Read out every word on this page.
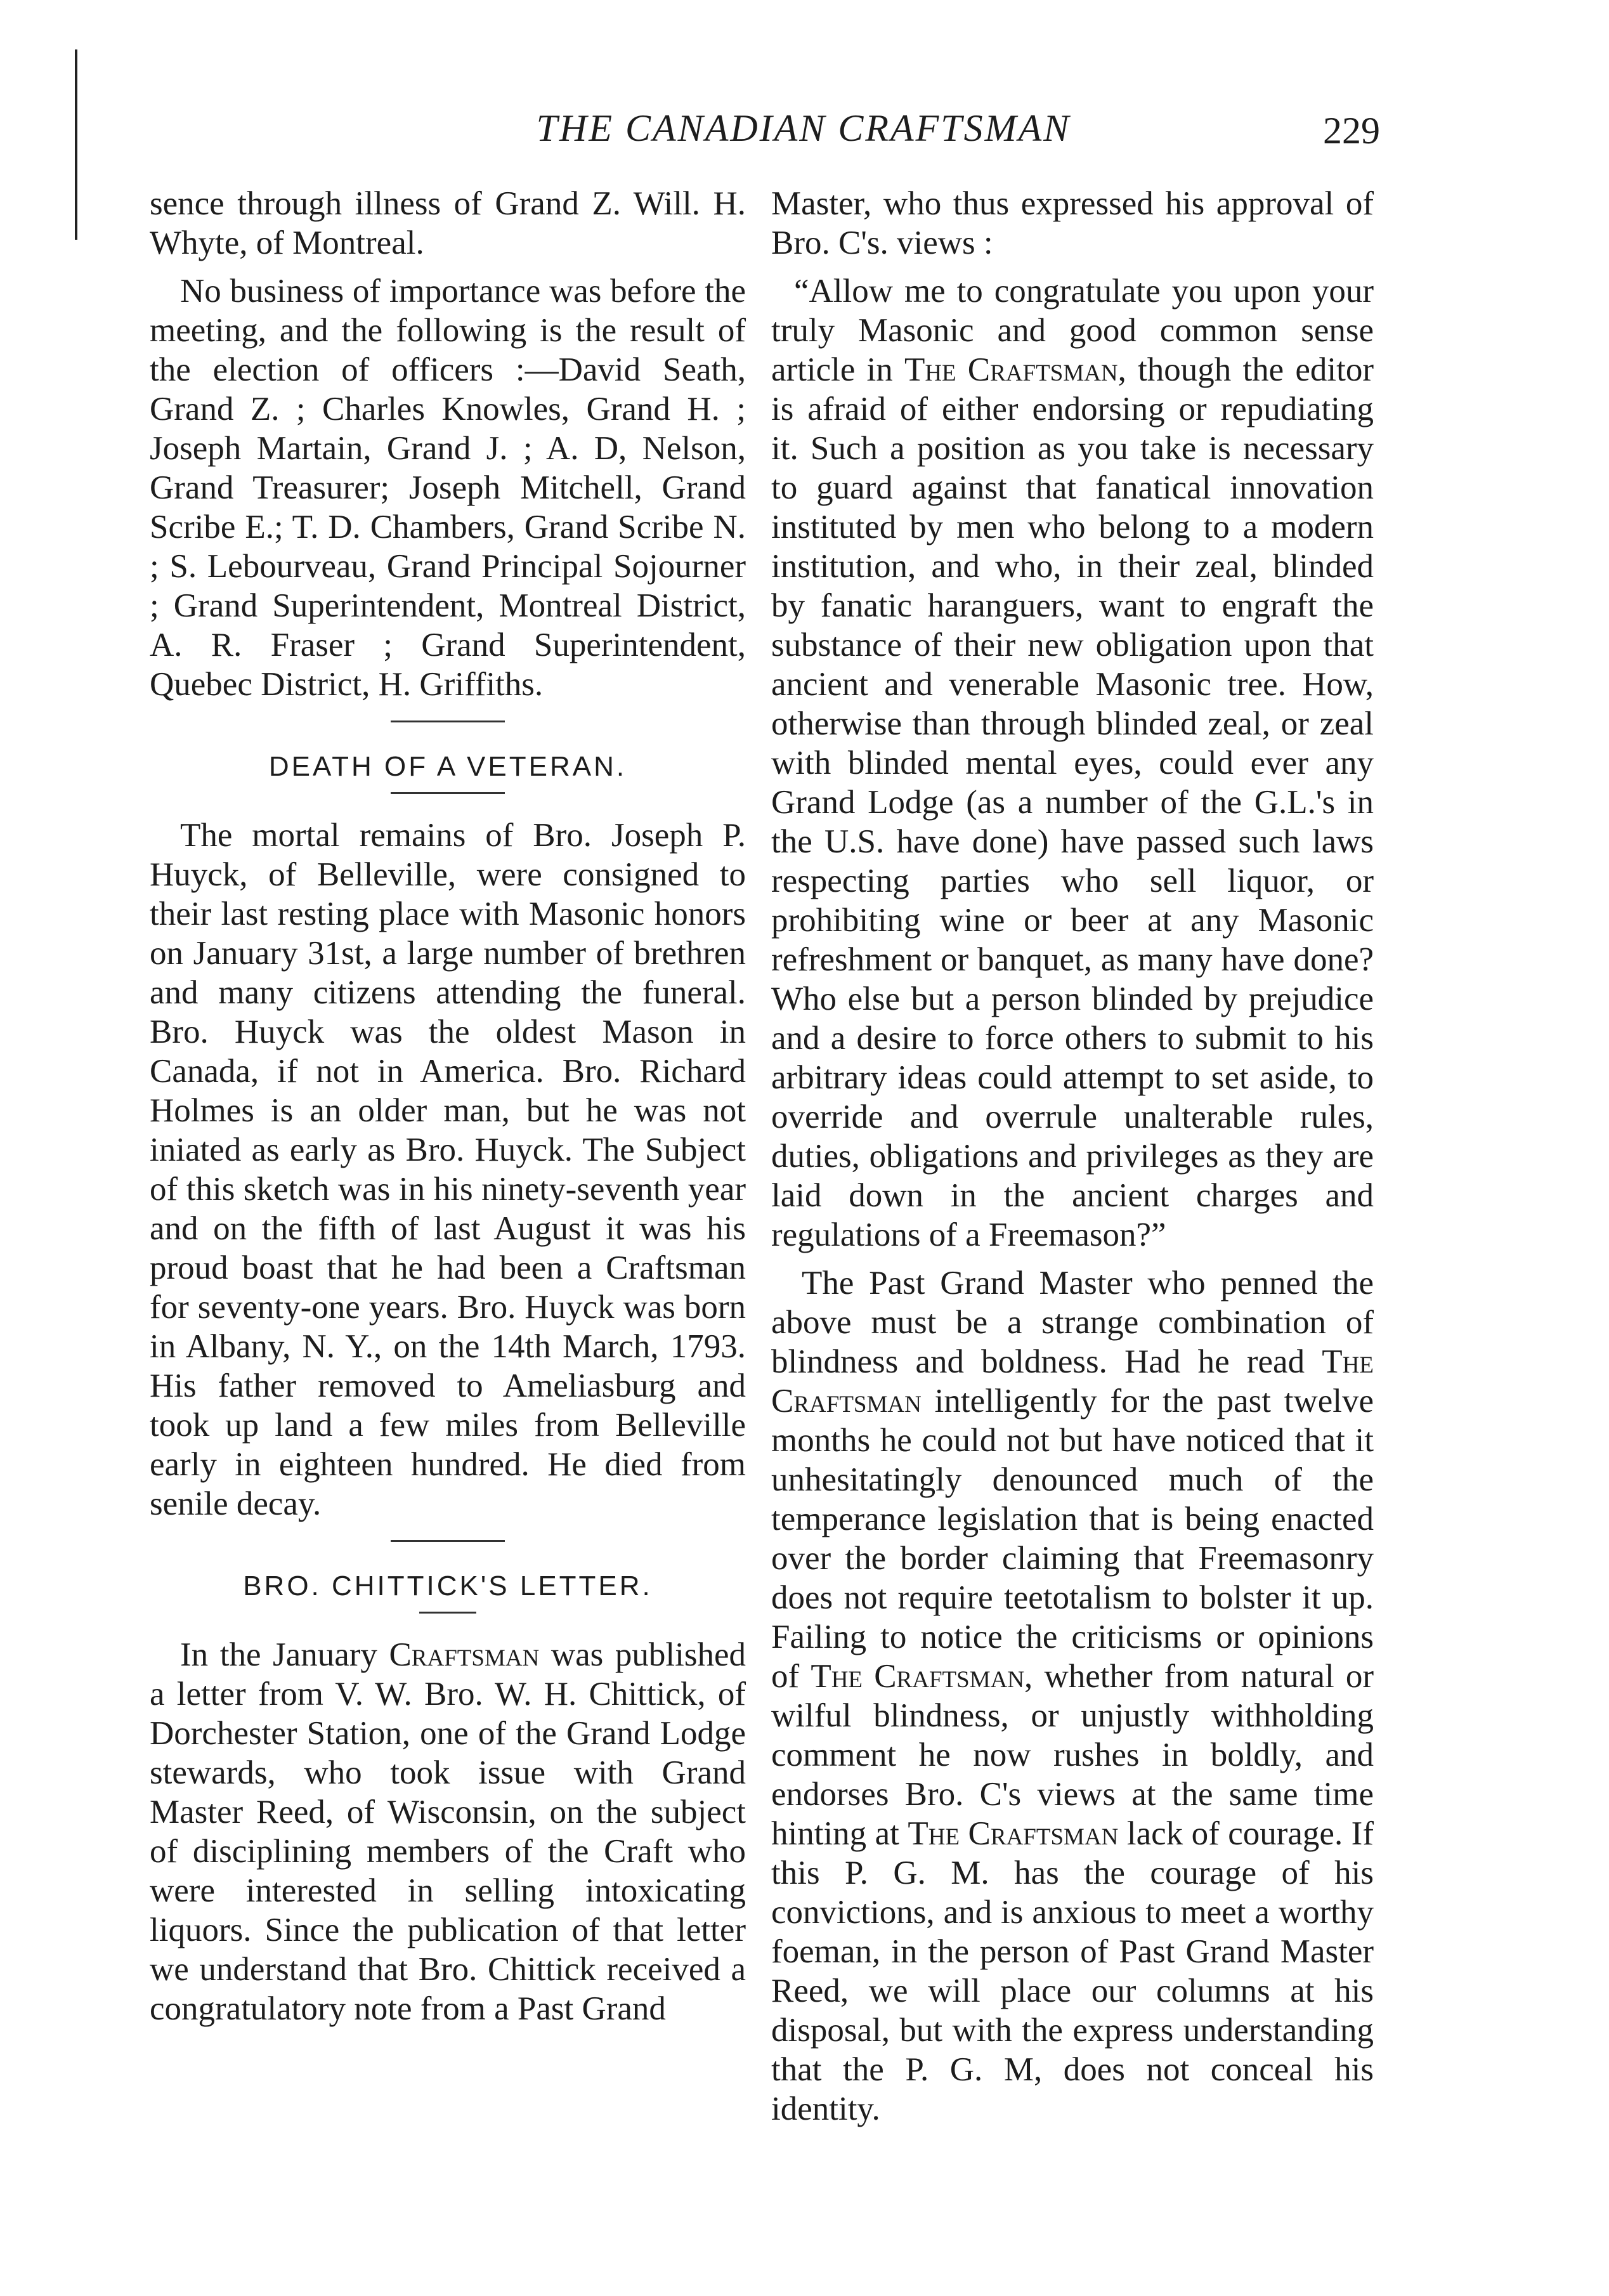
THE CANADIAN CRAFTSMAN	229

sence through illness of Grand Z. Will. H. Whyte, of Montreal.

No business of importance was before the meeting, and the following is the result of the election of officers :—David Seath, Grand Z. ; Charles Knowles, Grand H. ; Joseph Martain, Grand J. ; A. D, Nelson, Grand Treasurer; Joseph Mitchell, Grand Scribe E.; T. D. Chambers, Grand Scribe N. ; S. Lebourveau, Grand Principal Sojourner ; Grand Superintendent, Montreal District, A. R. Fraser ; Grand Superintendent, Quebec District, H. Griffiths.

DEATH OF A VETERAN.

The mortal remains of Bro. Joseph P. Huyck, of Belleville, were consigned to their last resting place with Masonic honors on January 31st, a large number of brethren and many citizens attending the funeral. Bro. Huyck was the oldest Mason in Canada, if not in America. Bro. Richard Holmes is an older man, but he was not iniated as early as Bro. Huyck. The Subject of this sketch was in his ninety-seventh year and on the fifth of last August it was his proud boast that he had been a Craftsman for seventy-one years. Bro. Huyck was born in Albany, N. Y., on the 14th March, 1793. His father removed to Ameliasburg and took up land a few miles from Belleville early in eighteen hundred. He died from senile decay.

BRO. CHITTICK'S LETTER.

In the January Craftsman was published a letter from V. W. Bro. W. H. Chittick, of Dorchester Station, one of the Grand Lodge stewards, who took issue with Grand Master Reed, of Wisconsin, on the subject of disciplining members of the Craft who were interested in selling intoxicating liquors. Since the publication of that letter we understand that Bro. Chittick received a congratulatory note from a Past Grand

Master, who thus expressed his approval of Bro. C's. views :

“Allow me to congratulate you upon your truly Masonic and good common sense article in The Craftsman, though the editor is afraid of either endorsing or repudiating it. Such a position as you take is necessary to guard against that fanatical innovation instituted by men who belong to a modern institution, and who, in their zeal, blinded by fanatic haranguers, want to engraft the substance of their new obligation upon that ancient and venerable Masonic tree. How, otherwise than through blinded zeal, or zeal with blinded mental eyes, could ever any Grand Lodge (as a number of the G.L.'s in the U.S. have done) have passed such laws respecting parties who sell liquor, or prohibiting wine or beer at any Masonic refreshment or banquet, as many have done? Who else but a person blinded by prejudice and a desire to force others to submit to his arbitrary ideas could attempt to set aside, to override and overrule unalterable rules, duties, obligations and privileges as they are laid down in the ancient charges and regulations of a Freemason?”

The Past Grand Master who penned the above must be a strange combination of blindness and boldness. Had he read The Craftsman intelligently for the past twelve months he could not but have noticed that it unhesitatingly denounced much of the temperance legislation that is being enacted over the border claiming that Freemasonry does not require teetotalism to bolster it up. Failing to notice the criticisms or opinions of The Craftsman, whether from natural or wilful blindness, or unjustly withholding comment he now rushes in boldly, and endorses Bro. C's views at the same time hinting at The Craftsman lack of courage. If this P. G. M. has the courage of his convictions, and is anxious to meet a worthy foeman, in the person of Past Grand Master Reed, we will place our columns at his disposal, but with the express understanding that the P. G. M, does not conceal his identity.
